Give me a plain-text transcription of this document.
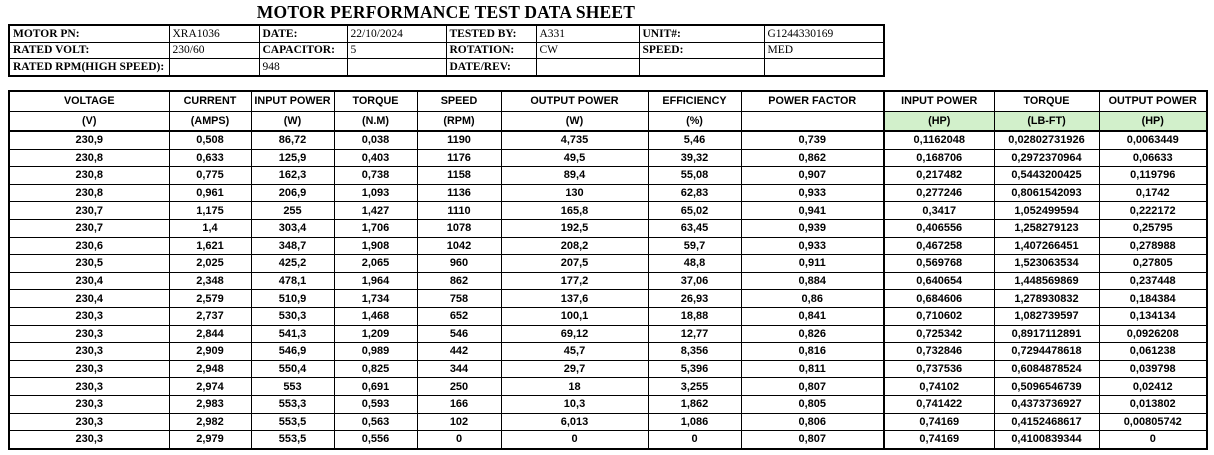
MOTOR PERFORMANCE TEST DATA SHEET
MOTOR PN:	XRA1036	DATE:	22/10/2024	TESTED BY:	A331	UNIT#:	G1244330169
RATED VOLT:	230/60	CAPACITOR:	5	ROTATION:	CW	SPEED:	MED
RATED RPM(HIGH SPEED):		948		DATE/REV:			
VOLTAGE	CURRENT	INPUT POWER	TORQUE	SPEED	OUTPUT POWER	EFFICIENCY	POWER FACTOR	INPUT POWER	TORQUE	OUTPUT POWER
(V)	(AMPS)	(W)	(N.M)	(RPM)	(W)	(%)		(HP)	(LB-FT)	(HP)
230,9	0,508	86,72	0,038	1190	4,735	5,46	0,739	0,1162048	0,02802731926	0,0063449
230,8	0,633	125,9	0,403	1176	49,5	39,32	0,862	0,168706	0,2972370964	0,06633
230,8	0,775	162,3	0,738	1158	89,4	55,08	0,907	0,217482	0,5443200425	0,119796
230,8	0,961	206,9	1,093	1136	130	62,83	0,933	0,277246	0,8061542093	0,1742
230,7	1,175	255	1,427	1110	165,8	65,02	0,941	0,3417	1,052499594	0,222172
230,7	1,4	303,4	1,706	1078	192,5	63,45	0,939	0,406556	1,258279123	0,25795
230,6	1,621	348,7	1,908	1042	208,2	59,7	0,933	0,467258	1,407266451	0,278988
230,5	2,025	425,2	2,065	960	207,5	48,8	0,911	0,569768	1,523063534	0,27805
230,4	2,348	478,1	1,964	862	177,2	37,06	0,884	0,640654	1,448569869	0,237448
230,4	2,579	510,9	1,734	758	137,6	26,93	0,86	0,684606	1,278930832	0,184384
230,3	2,737	530,3	1,468	652	100,1	18,88	0,841	0,710602	1,082739597	0,134134
230,3	2,844	541,3	1,209	546	69,12	12,77	0,826	0,725342	0,8917112891	0,0926208
230,3	2,909	546,9	0,989	442	45,7	8,356	0,816	0,732846	0,7294478618	0,061238
230,3	2,948	550,4	0,825	344	29,7	5,396	0,811	0,737536	0,6084878524	0,039798
230,3	2,974	553	0,691	250	18	3,255	0,807	0,74102	0,5096546739	0,02412
230,3	2,983	553,3	0,593	166	10,3	1,862	0,805	0,741422	0,4373736927	0,013802
230,3	2,982	553,5	0,563	102	6,013	1,086	0,806	0,74169	0,4152468617	0,00805742
230,3	2,979	553,5	0,556	0	0	0	0,807	0,74169	0,4100839344	0
